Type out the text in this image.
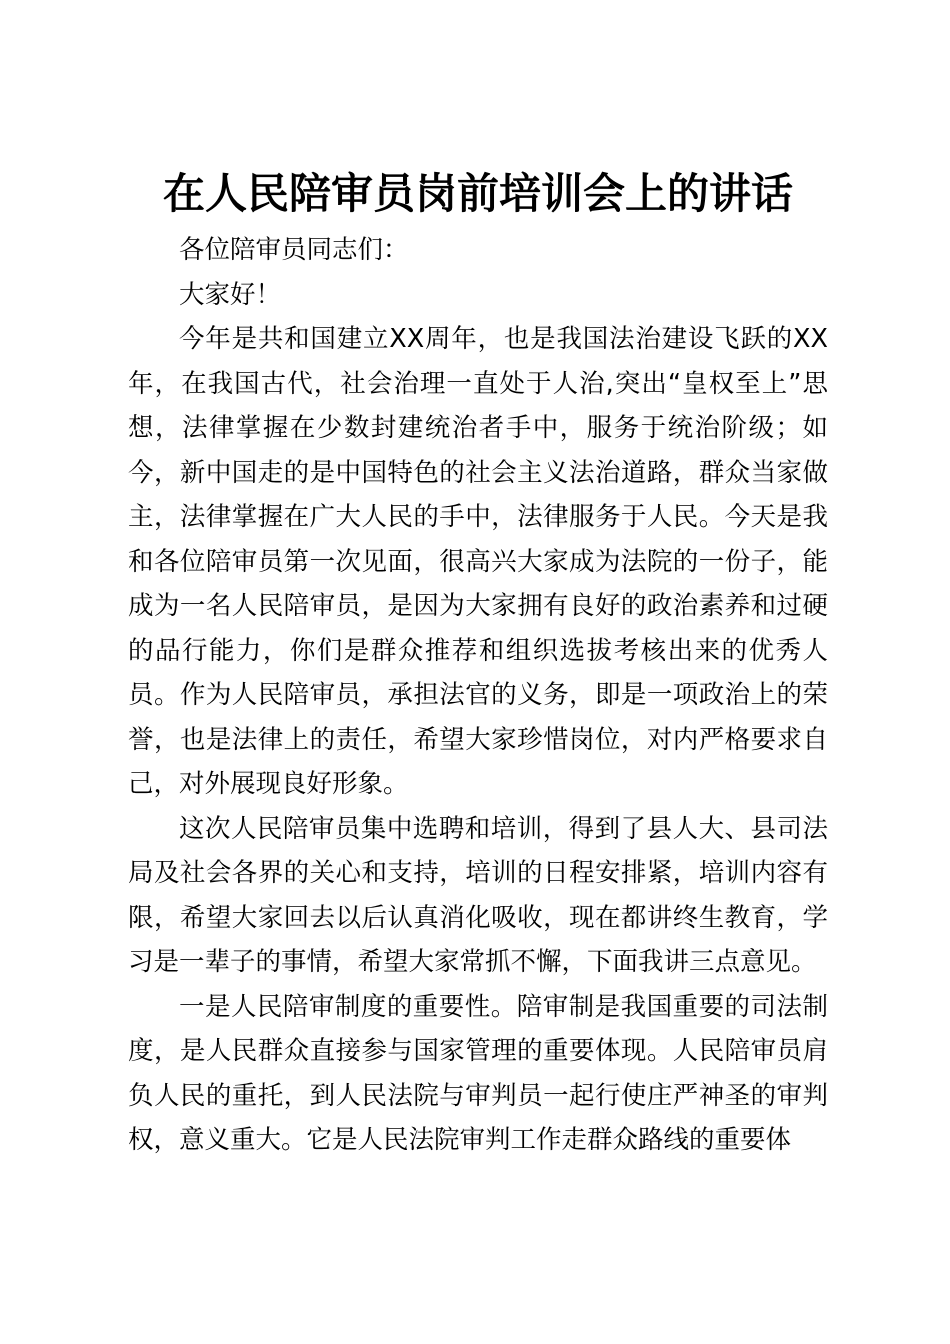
在人民陪审员岗前培训会上的讲话

各位陪审员同志们：

大家好！

今年是共和国建立XX周年，也是我国法治建设飞跃的XX年，在我国古代，社会治理一直处于人治,突出“皇权至上”思想，法律掌握在少数封建统治者手中，服务于统治阶级；如今，新中国走的是中国特色的社会主义法治道路，群众当家做主，法律掌握在广大人民的手中，法律服务于人民。今天是我和各位陪审员第一次见面，很高兴大家成为法院的一份子，能成为一名人民陪审员，是因为大家拥有良好的政治素养和过硬的品行能力，你们是群众推荐和组织选拔考核出来的优秀人员。作为人民陪审员，承担法官的义务，即是一项政治上的荣誉，也是法律上的责任，希望大家珍惜岗位，对内严格要求自己，对外展现良好形象。

这次人民陪审员集中选聘和培训，得到了县人大、县司法局及社会各界的关心和支持，培训的日程安排紧，培训内容有限，希望大家回去以后认真消化吸收，现在都讲终生教育，学习是一辈子的事情，希望大家常抓不懈，下面我讲三点意见。

一是人民陪审制度的重要性。陪审制是我国重要的司法制度，是人民群众直接参与国家管理的重要体现。人民陪审员肩负人民的重托，到人民法院与审判员一起行使庄严神圣的审判权，意义重大。它是人民法院审判工作走群众路线的重要体
